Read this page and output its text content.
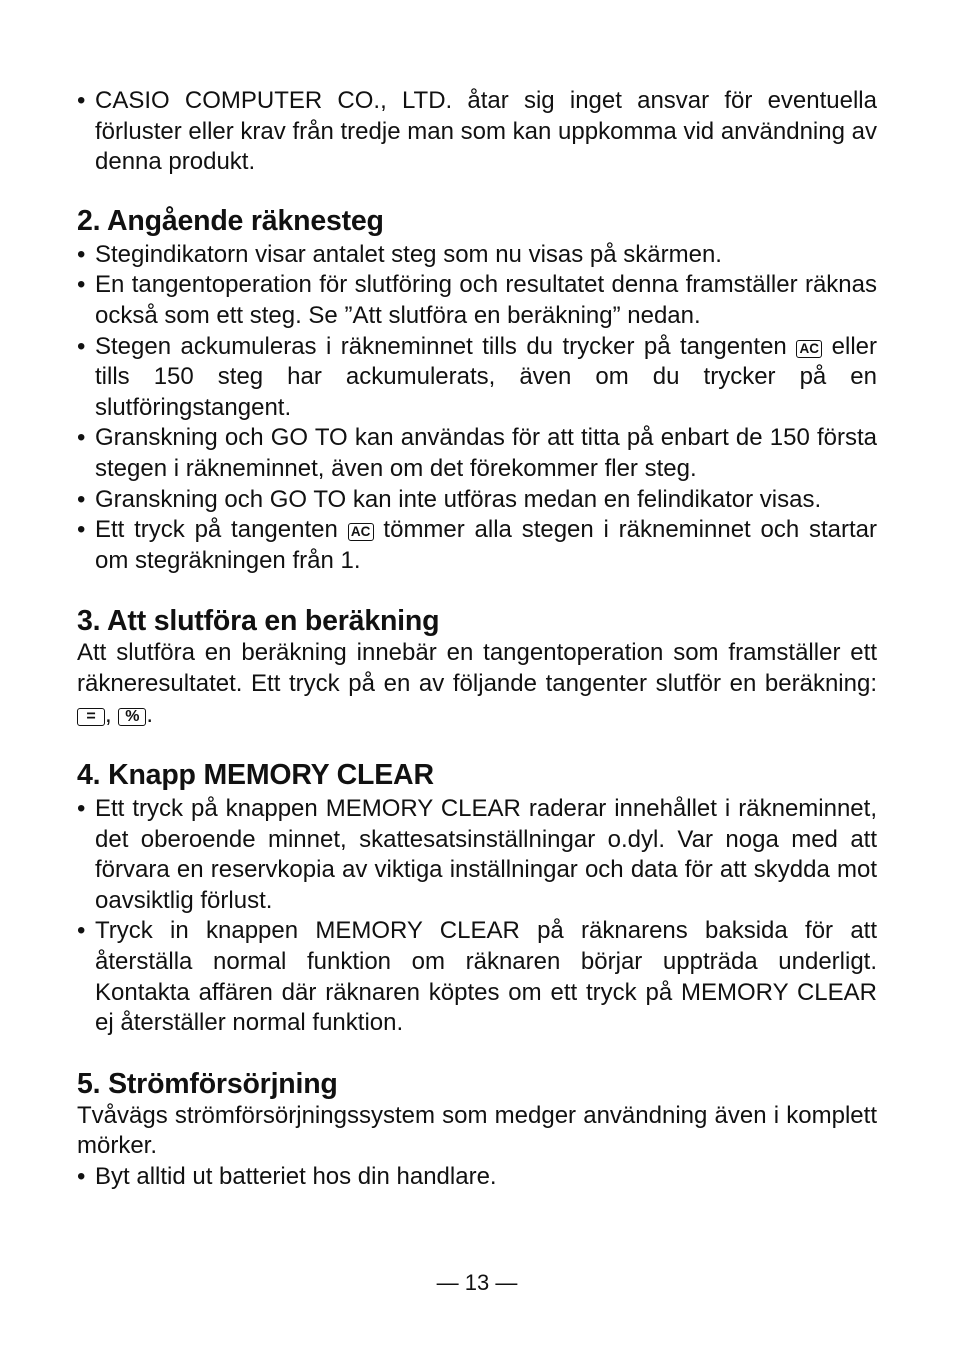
• CASIO COMPUTER CO., LTD. åtar sig inget ansvar för eventuella förluster eller krav från tredje man som kan uppkomma vid användning av denna produkt.
2. Angående räknesteg
• Stegindikatorn visar antalet steg som nu visas på skärmen.
• En tangentoperation för slutföring och resultatet denna framställer räknas också som ett steg. Se ”Att slutföra en beräkning” nedan.
• Stegen ackumuleras i räkneminnet tills du trycker på tangenten AC eller tills 150 steg har ackumulerats, även om du trycker på en slutföringstangent.
• Granskning och GO TO kan användas för att titta på enbart de 150 första stegen i räkneminnet, även om det förekommer fler steg.
• Granskning och GO TO kan inte utföras medan en felindikator visas.
• Ett tryck på tangenten AC tömmer alla stegen i räkneminnet och startar om stegräkningen från 1.
3. Att slutföra en beräkning

Att slutföra en beräkning innebär en tangentoperation som framställer ett räkneresultatet. Ett tryck på en av följande tangenter slutför en beräkning: = , % .

4. Knapp MEMORY CLEAR
• Ett tryck på knappen MEMORY CLEAR raderar innehållet i räkneminnet, det oberoende minnet, skattesatsinställningar o.dyl. Var noga med att förvara en reservkopia av viktiga inställningar och data för att skydda mot oavsiktlig förlust.
• Tryck in knappen MEMORY CLEAR på räknarens baksida för att återställa normal funktion om räknaren börjar uppträda underligt. Kontakta affären där räknaren köptes om ett tryck på MEMORY CLEAR ej återställer normal funktion.
5. Strömförsörjning

Tvåvägs strömförsörjningssystem som medger användning även i komplett mörker.

• Byt alltid ut batteriet hos din handlare.
— 13 —
